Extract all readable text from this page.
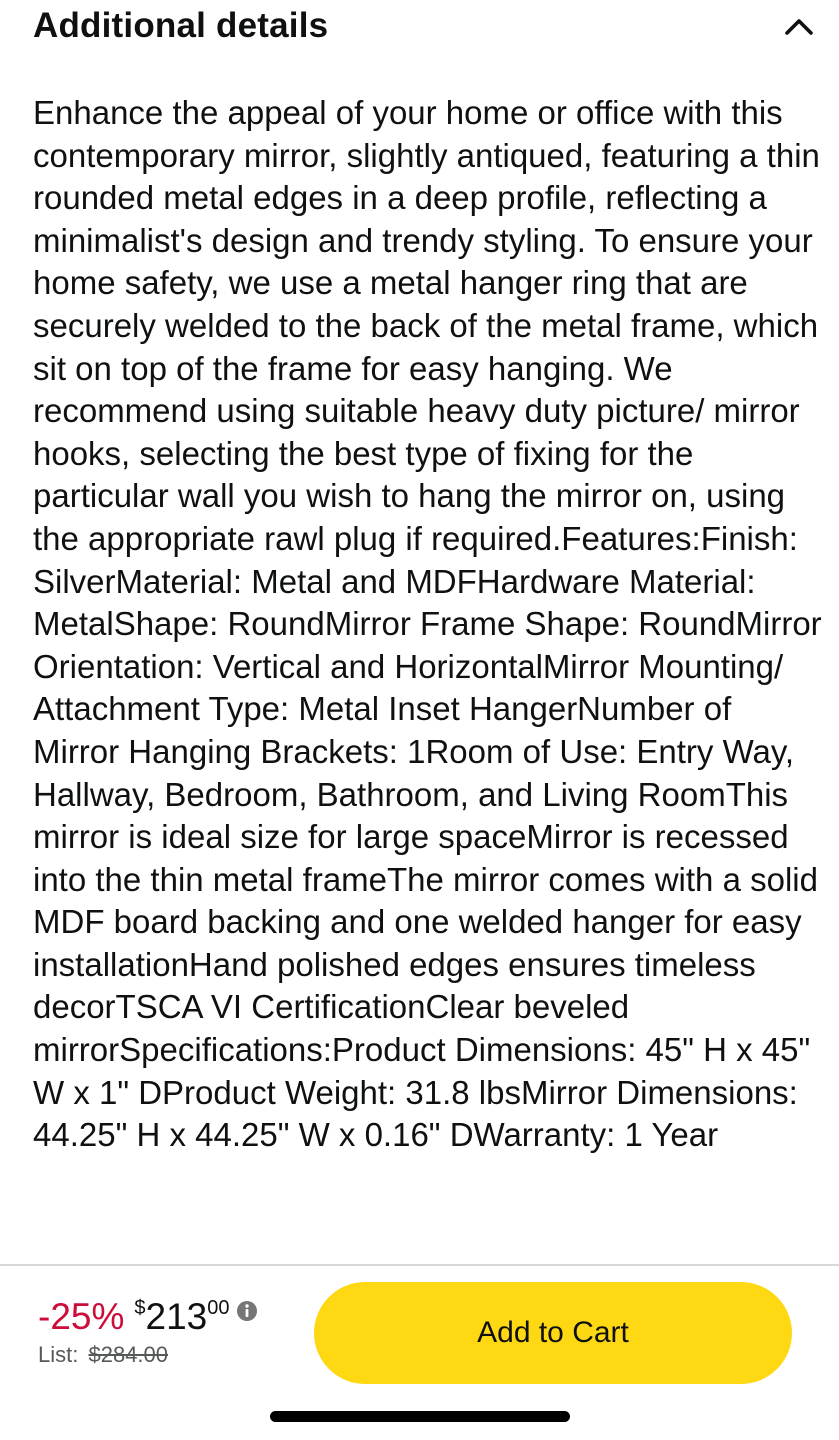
Additional details

Enhance the appeal of your home or office with this contemporary mirror, slightly antiqued, featuring a thin rounded metal edges in a deep profile, reflecting a minimalist's design and trendy styling. To ensure your home safety, we use a metal hanger ring that are securely welded to the back of the metal frame, which sit on top of the frame for easy hanging. We recommend using suitable heavy duty picture/ mirror hooks, selecting the best type of fixing for the particular wall you wish to hang the mirror on, using the appropriate rawl plug if required.Features:Finish: SilverMaterial: Metal and MDFHardware Material: MetalShape: RoundMirror Frame Shape: RoundMirror Orientation: Vertical and HorizontalMirror Mounting/ Attachment Type: Metal Inset HangerNumber of Mirror Hanging Brackets: 1Room of Use: Entry Way, Hallway, Bedroom, Bathroom, and Living RoomThis mirror is ideal size for large spaceMirror is recessed into the thin metal frameThe mirror comes with a solid MDF board backing and one welded hanger for easy installationHand polished edges ensures timeless decorTSCA VI CertificationClear beveled mirrorSpecifications:Product Dimensions: 45" H x 45" W x 1" DProduct Weight: 31.8 lbsMirror Dimensions: 44.25" H x 44.25" W x 0.16" DWarranty: 1 Year

-25% $ 213 00
List: $284.00
Add to Cart
